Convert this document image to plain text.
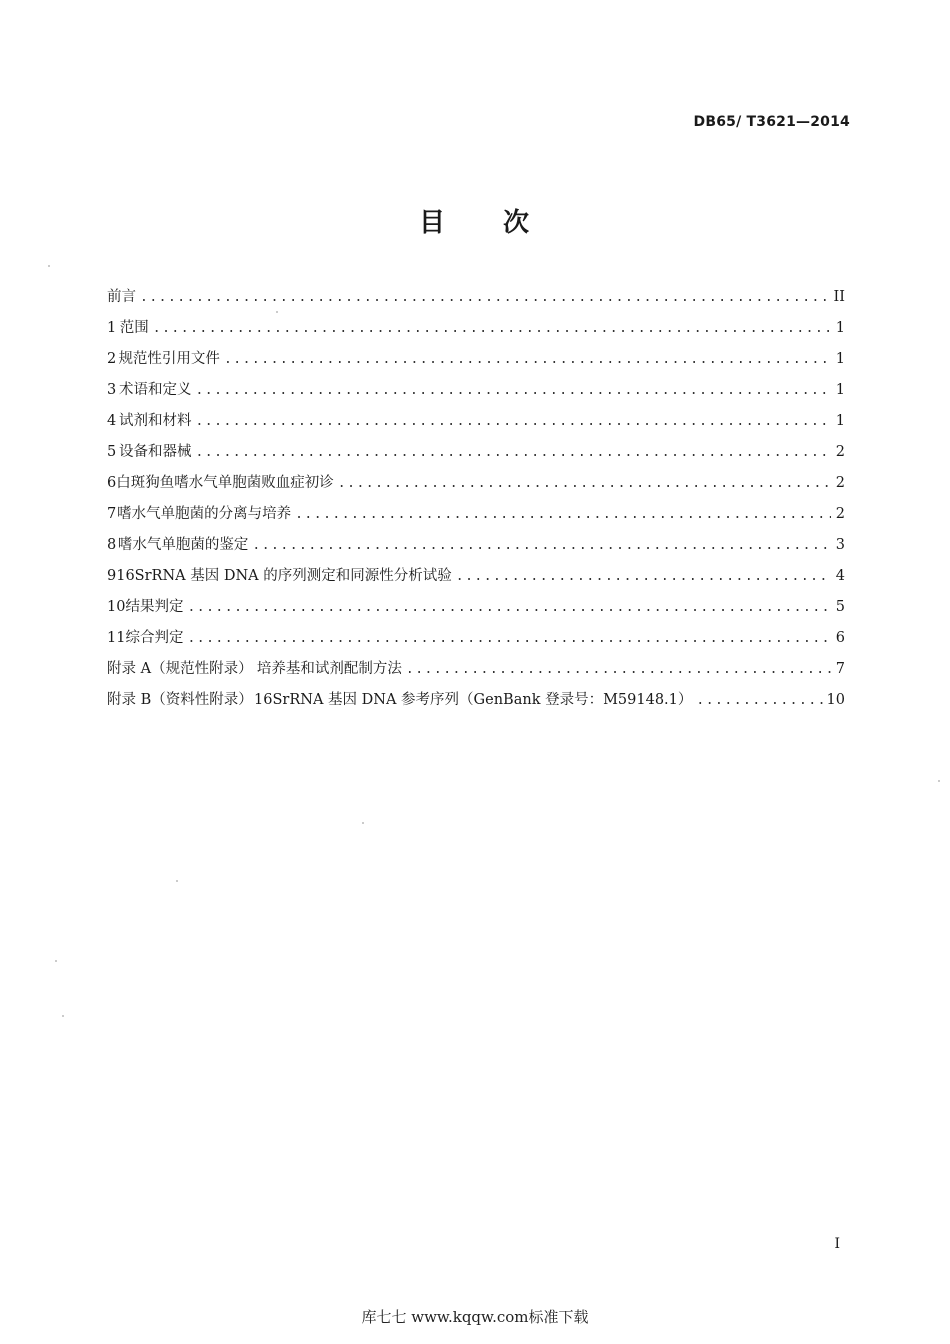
DB65/ T3621—2014
目 次
前言 .....	II
1 范围 .....	1
2 规范性引用文件 .....	1
3 术语和定义 .....	1
4 试剂和材料 .....	1
5 设备和器械 .....	2
6 白斑狗鱼嗜水气单胞菌败血症初诊 .....	2
7 嗜水气单胞菌的分离与培养 .....	2
8 嗜水气单胞菌的鉴定 .....	3
9 16SrRNA 基因 DNA 的序列测定和同源性分析试验 .....	4
10 结果判定 .....	5
11 综合判定 .....	6
附录 A（规范性附录） 培养基和试剂配制方法 .....	7
附录 B（资料性附录） 16SrRNA 基因 DNA 参考序列（GenBank 登录号：M59148.1） .....	10
I
库七七 www.kqqw.com标准下载
